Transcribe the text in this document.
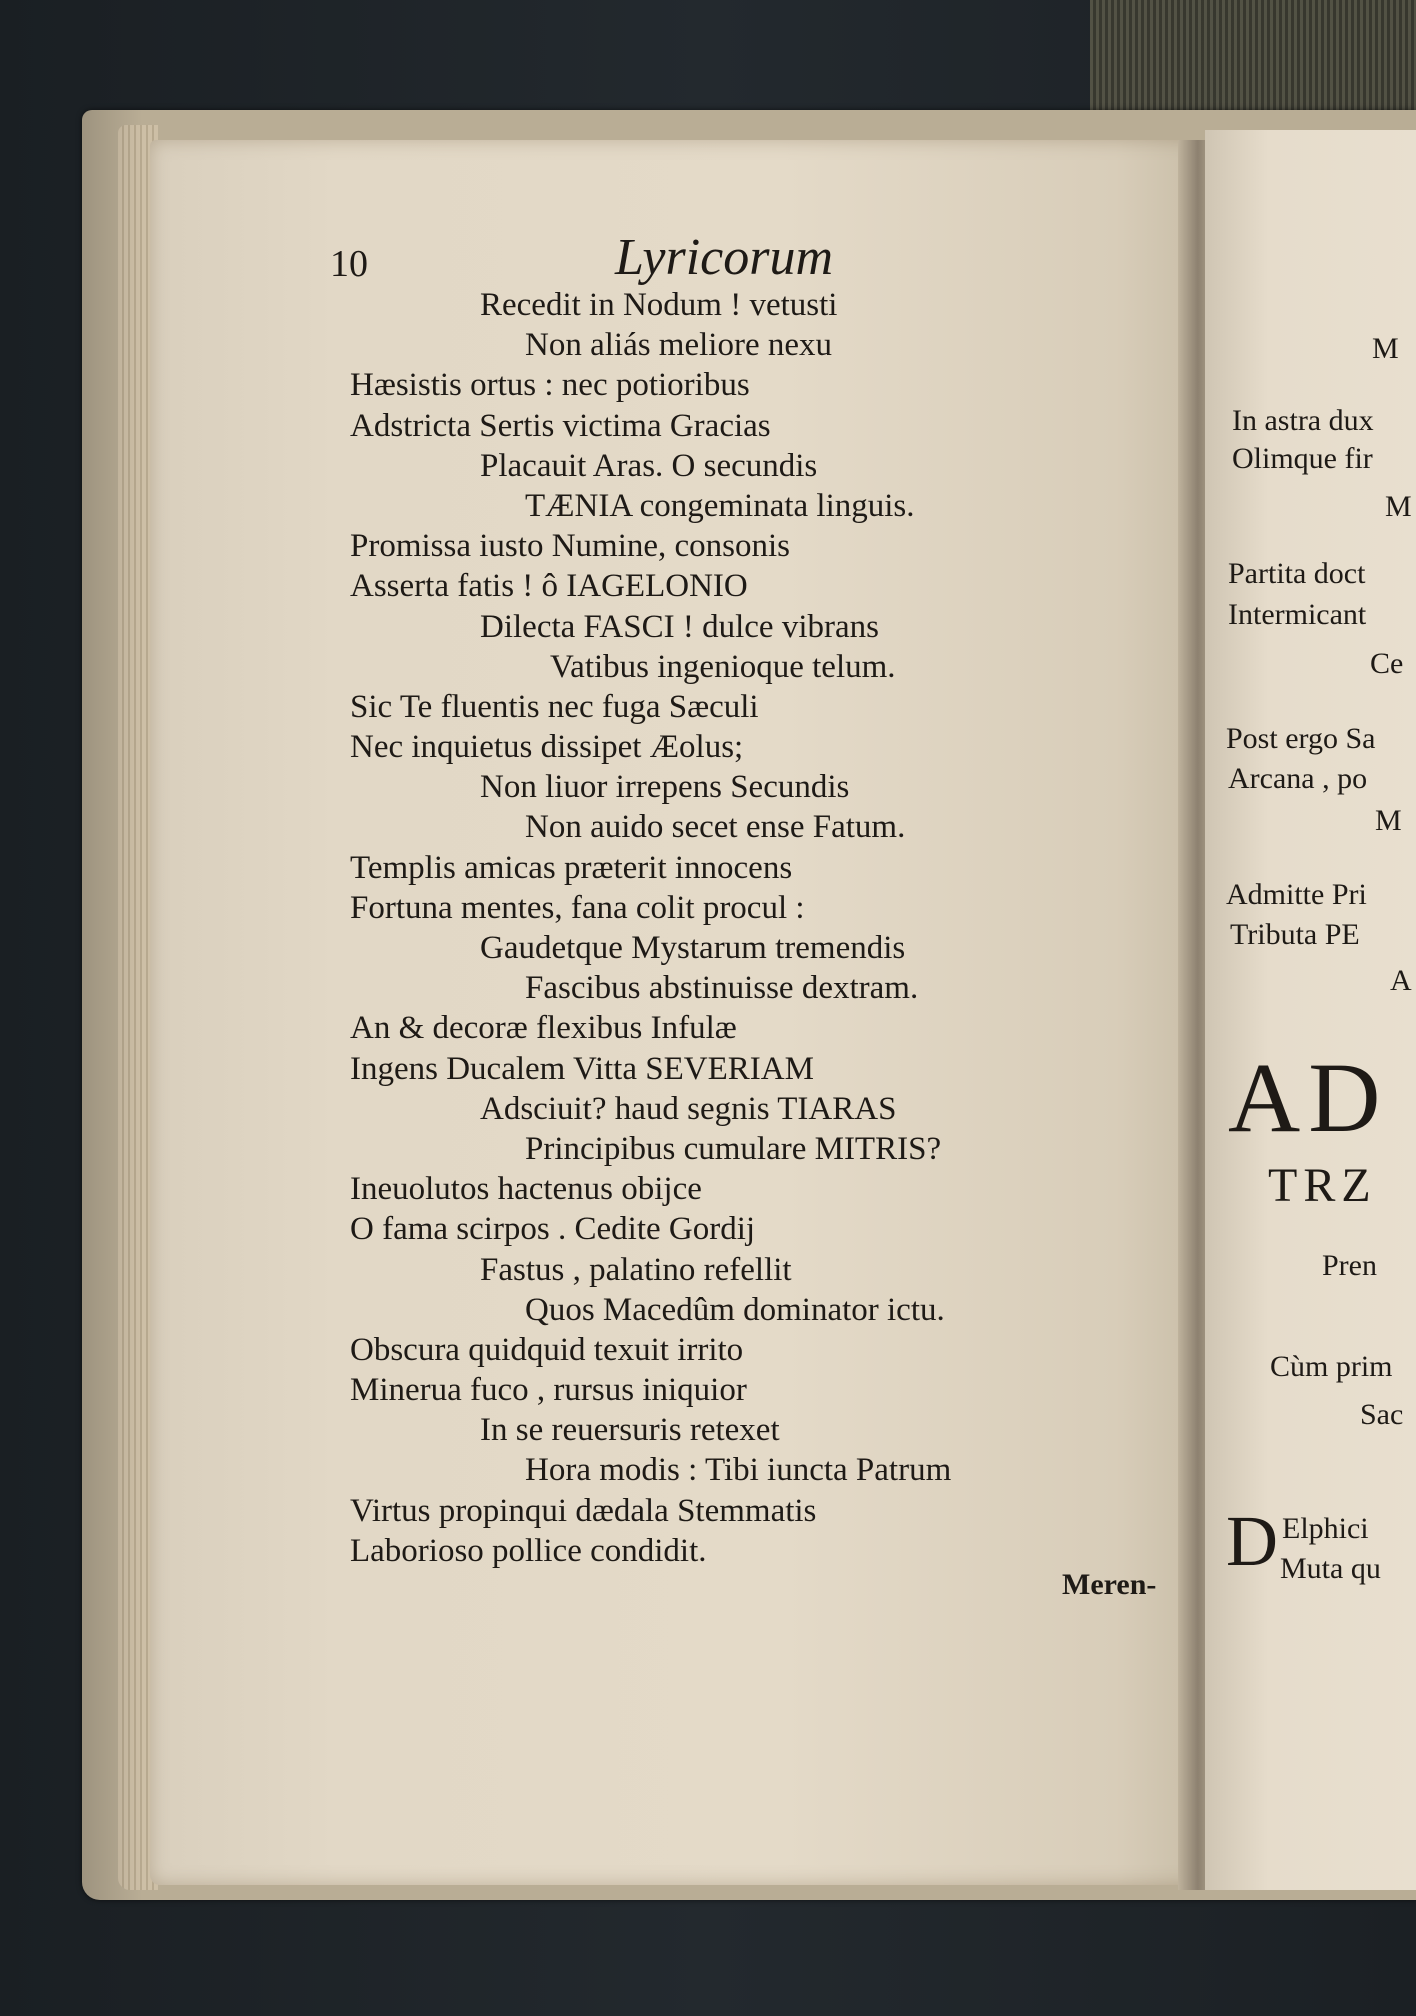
10	Lyricorum
Recedit in Nodum ! vetusti
Non aliás meliore nexu
Hæsistis ortus : nec potioribus
Adstricta Sertis victima Gracias
Placauit Aras. O secundis
TÆNIA congeminata linguis.
Promissa iusto Numine, consonis
Asserta fatis ! ô IAGELONIO
Dilecta FASCI ! dulce vibrans
Vatibus ingenioque telum.
Sic Te fluentis nec fuga Sæculi
Nec inquietus dissipet Æolus;
Non liuor irrepens Secundis
Non auido secet ense Fatum.
Templis amicas præterit innocens
Fortuna mentes, fana colit procul :
Gaudetque Mystarum tremendis
Fascibus abstinuisse dextram.
An & decoræ flexibus Infulæ
Ingens Ducalem Vitta SEVERIAM
Adsciuit? haud segnis TIARAS
Principibus cumulare MITRIS?
Ineuolutos hactenus obijce
O fama scirpos . Cedite Gordij
Fastus , palatino refellit
Quos Macedûm dominator ictu.
Obscura quidquid texuit irrito
Minerua fuco , rursus iniquior
In se reuersuris retexet
Hora modis : Tibi iuncta Patrum
Virtus propinqui dædala Stemmatis
Laborioso pollice condidit.
Meren-
M
In astra dux
Olimque fir
M
Partita doct
Intermicant
Ce
Post ergo Sa
Arcana , po
M
Admitte Pri
Tributa PE
A
Pren
Cùm prim
Sac
Elphici
Muta qu
AD
TRZ
D
